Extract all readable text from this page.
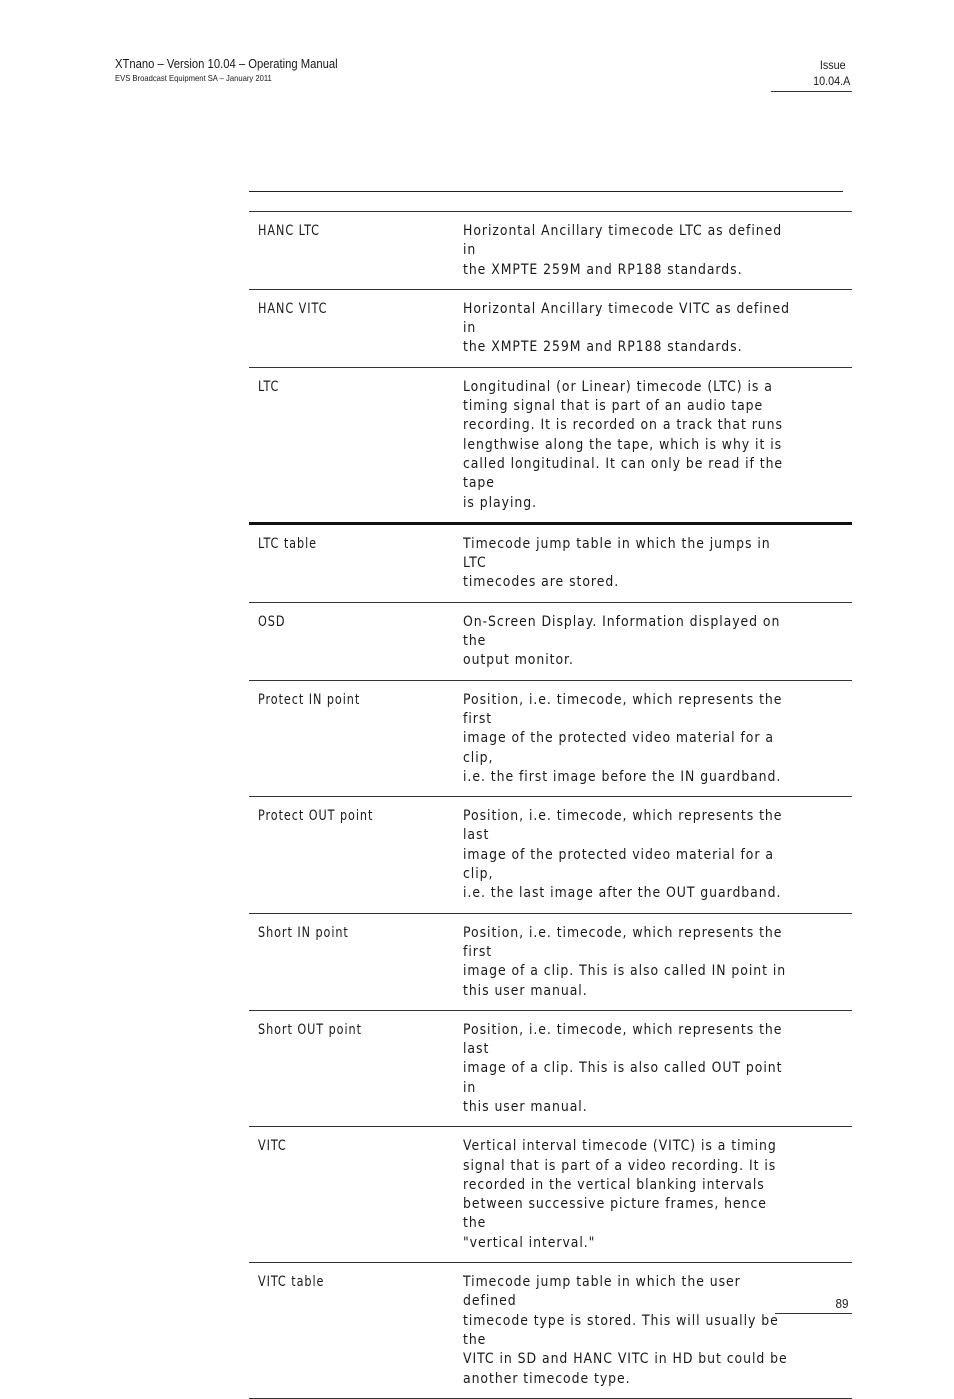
XTnano – Version 10.04 – Operating Manual
EVS Broadcast Equipment SA – January 2011
Issue
10.04.A
HANC LTC	Horizontal Ancillary timecode LTC as defined in
the XMPTE 259M and RP188 standards.
HANC VITC	Horizontal Ancillary timecode VITC as defined in
the XMPTE 259M and RP188 standards.
LTC	Longitudinal (or Linear) timecode (LTC) is a
timing signal that is part of an audio tape
recording. It is recorded on a track that runs
lengthwise along the tape, which is why it is
called longitudinal. It can only be read if the tape
is playing.
LTC table	Timecode jump table in which the jumps in LTC
timecodes are stored.
OSD	On-Screen Display. Information displayed on the
output monitor.
Protect IN point	Position, i.e. timecode, which represents the first
image of the protected video material for a clip,
i.e. the first image before the IN guardband.
Protect OUT point	Position, i.e. timecode, which represents the last
image of the protected video material for a clip,
i.e. the last image after the OUT guardband.
Short IN point	Position, i.e. timecode, which represents the first
image of a clip. This is also called IN point in
this user manual.
Short OUT point	Position, i.e. timecode, which represents the last
image of a clip. This is also called OUT point in
this user manual.
VITC	Vertical interval timecode (VITC) is a timing
signal that is part of a video recording. It is
recorded in the vertical blanking intervals
between successive picture frames, hence the
"vertical interval."
VITC table	Timecode jump table in which the user defined
timecode type is stored. This will usually be the
VITC in SD and HANC VITC in HD but could be
another timecode type.
89
